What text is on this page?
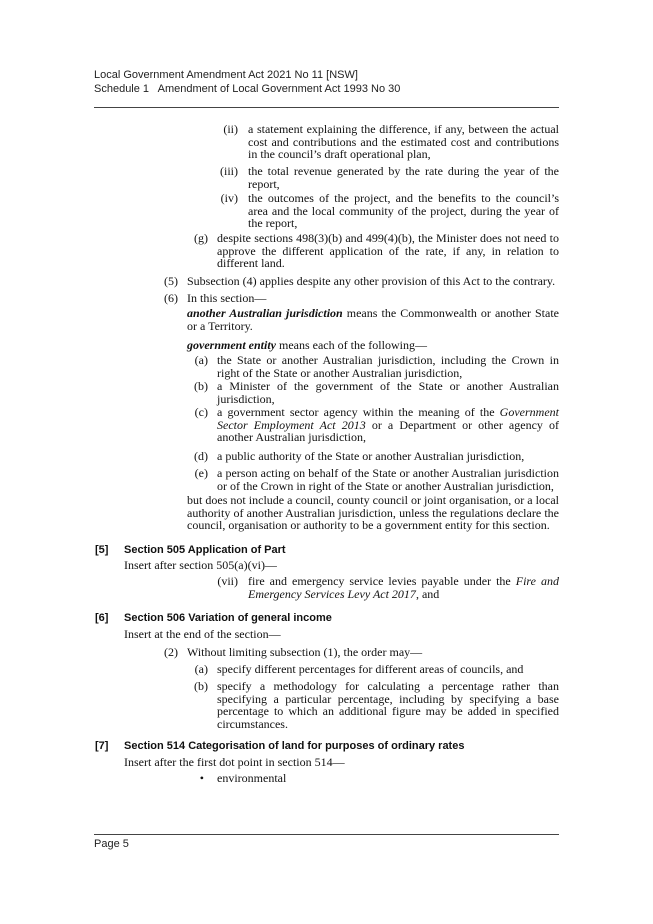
Local Government Amendment Act 2021 No 11 [NSW]
Schedule 1   Amendment of Local Government Act 1993 No 30
[5] Section 505 Application of Part
[6] Section 506 Variation of general income
[7] Section 514 Categorisation of land for purposes of ordinary rates
(ii) a statement explaining the difference, if any, between the actual cost and contributions and the estimated cost and contributions in the council’s draft operational plan,
(iii) the total revenue generated by the rate during the year of the report,
(iv) the outcomes of the project, and the benefits to the council’s area and the local community of the project, during the year of the report,
(g) despite sections 498(3)(b) and 499(4)(b), the Minister does not need to approve the different application of the rate, if any, in relation to different land.
(5) Subsection (4) applies despite any other provision of this Act to the contrary.
(6) In this section—
another Australian jurisdiction means the Commonwealth or another State or a Territory.
government entity means each of the following—
(a) the State or another Australian jurisdiction, including the Crown in right of the State or another Australian jurisdiction,
(b) a Minister of the government of the State or another Australian jurisdiction,
(c) a government sector agency within the meaning of the Government Sector Employment Act 2013 or a Department or other agency of another Australian jurisdiction,
(d) a public authority of the State or another Australian jurisdiction,
(e) a person acting on behalf of the State or another Australian jurisdiction or of the Crown in right of the State or another Australian jurisdiction,
but does not include a council, county council or joint organisation, or a local authority of another Australian jurisdiction, unless the regulations declare the council, organisation or authority to be a government entity for this section.
Insert after section 505(a)(vi)—
(vii) fire and emergency service levies payable under the Fire and Emergency Services Levy Act 2017, and
Insert at the end of the section—
(2) Without limiting subsection (1), the order may—
(a) specify different percentages for different areas of councils, and
(b) specify a methodology for calculating a percentage rather than specifying a particular percentage, including by specifying a base percentage to which an additional figure may be added in specified circumstances.
Insert after the first dot point in section 514—
• environmental
Page 5
